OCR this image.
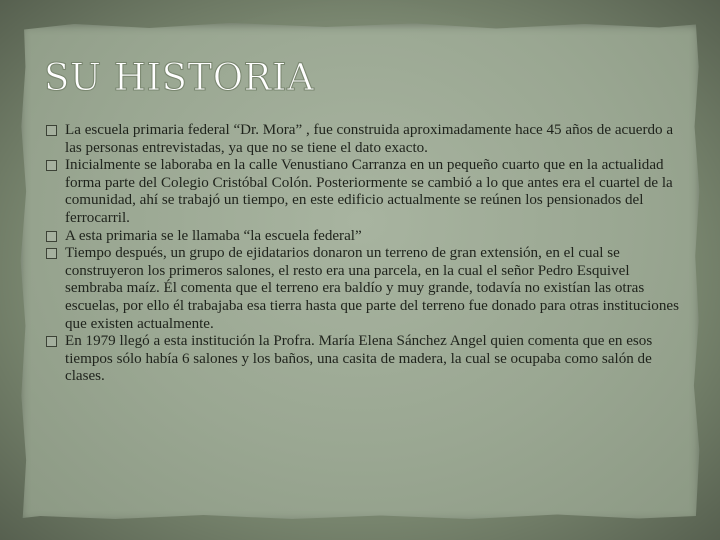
SU HISTORIA
La escuela primaria federal “Dr. Mora” , fue construida aproximadamente hace 45 años de acuerdo a las personas entrevistadas, ya que no se tiene el dato exacto.
Inicialmente se laboraba en la calle Venustiano Carranza en un pequeño cuarto que en la actualidad forma parte del Colegio Cristóbal Colón. Posteriormente se cambió a lo que antes era el cuartel de la comunidad, ahí se trabajó un tiempo, en este edificio actualmente se reúnen los pensionados del ferrocarril.
A esta primaria se le llamaba “la escuela federal”
Tiempo después, un grupo de ejidatarios donaron un terreno de gran extensión, en el cual se construyeron los primeros salones, el resto era una parcela, en la cual el señor Pedro Esquivel sembraba maíz. Él comenta que el terreno era baldío y muy grande, todavía no existían las otras escuelas, por ello él trabajaba esa tierra hasta que parte del terreno fue donado para otras instituciones que existen actualmente.
En 1979 llegó a esta institución la Profra. María Elena Sánchez Angel quien comenta que en esos tiempos sólo había 6 salones y los baños, una casita de madera, la cual se ocupaba como salón de clases.
